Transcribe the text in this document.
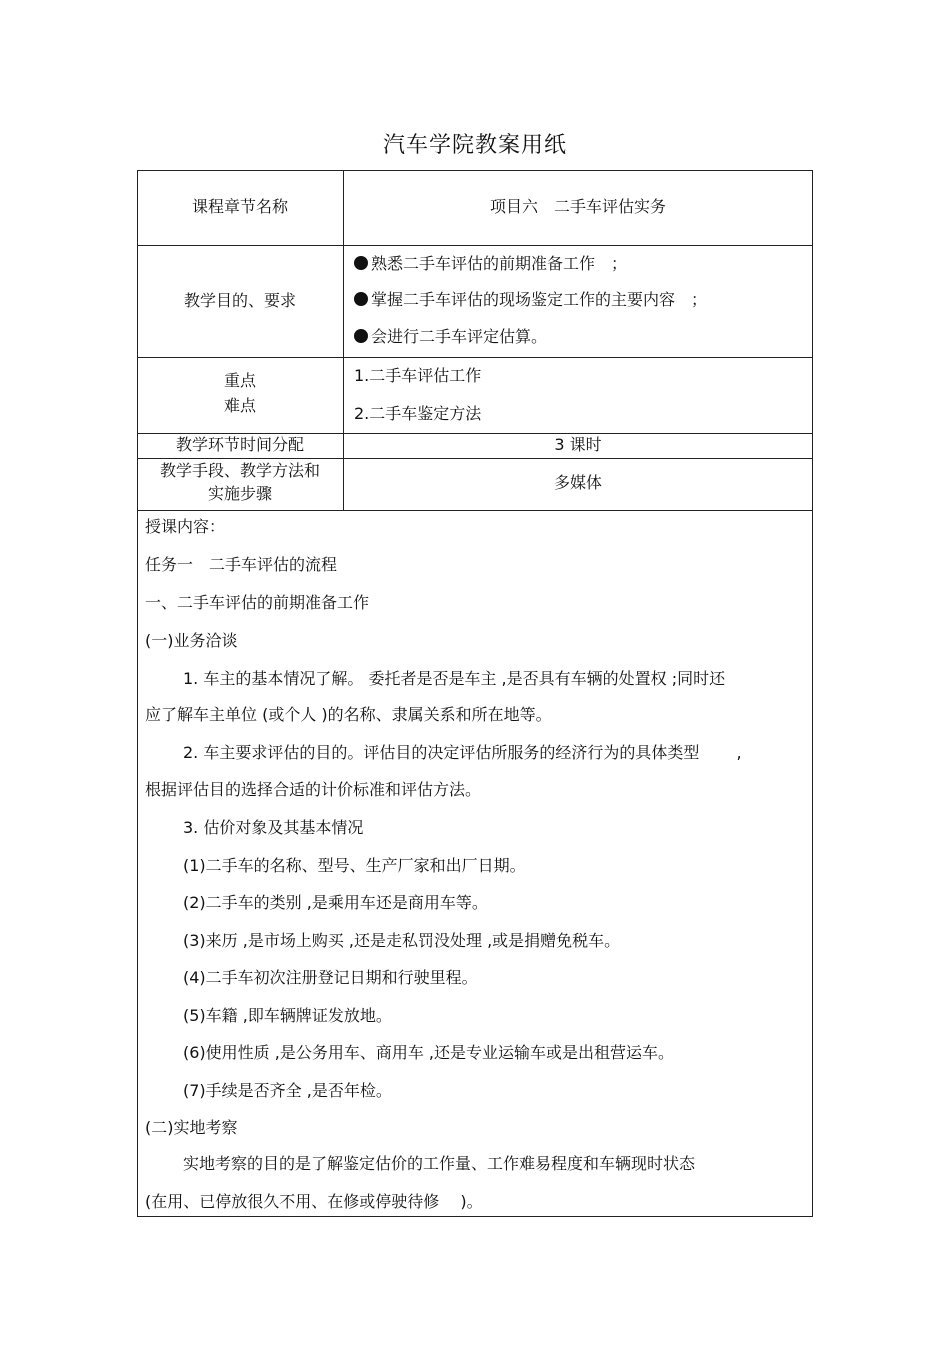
汽车学院教案用纸
课程章节名称	项目六　二手车评估实务
教学目的、要求
熟悉二手车评估的前期准备工作　；
掌握二手车评估的现场鉴定工作的主要内容　；
会进行二手车评定估算。
重点
难点
1.二手车评估工作
2.二手车鉴定方法
教学环节时间分配	3 课时
教学手段、教学方法和
实施步骤
多媒体
授课内容：
任务一　二手车评估的流程
一、二手车评估的前期准备工作
(一)业务洽谈
1. 车主的基本情况了解。 委托者是否是车主 ,是否具有车辆的处置权 ;同时还
应了解车主单位 (或个人 )的名称、隶属关系和所在地等。
2. 车主要求评估的目的。评估目的决定评估所服务的经济行为的具体类型　　 ,
根据评估目的选择合适的计价标准和评估方法。
3. 估价对象及其基本情况
(1)二手车的名称、型号、生产厂家和出厂日期。
(2)二手车的类别 ,是乘用车还是商用车等。
(3)来历 ,是市场上购买 ,还是走私罚没处理 ,或是捐赠免税车。
(4)二手车初次注册登记日期和行驶里程。
(5)车籍 ,即车辆牌证发放地。
(6)使用性质 ,是公务用车、商用车 ,还是专业运输车或是出租营运车。
(7)手续是否齐全 ,是否年检。
(二)实地考察
实地考察的目的是了解鉴定估价的工作量、工作难易程度和车辆现时状态
(在用、已停放很久不用、在修或停驶待修　 )。
